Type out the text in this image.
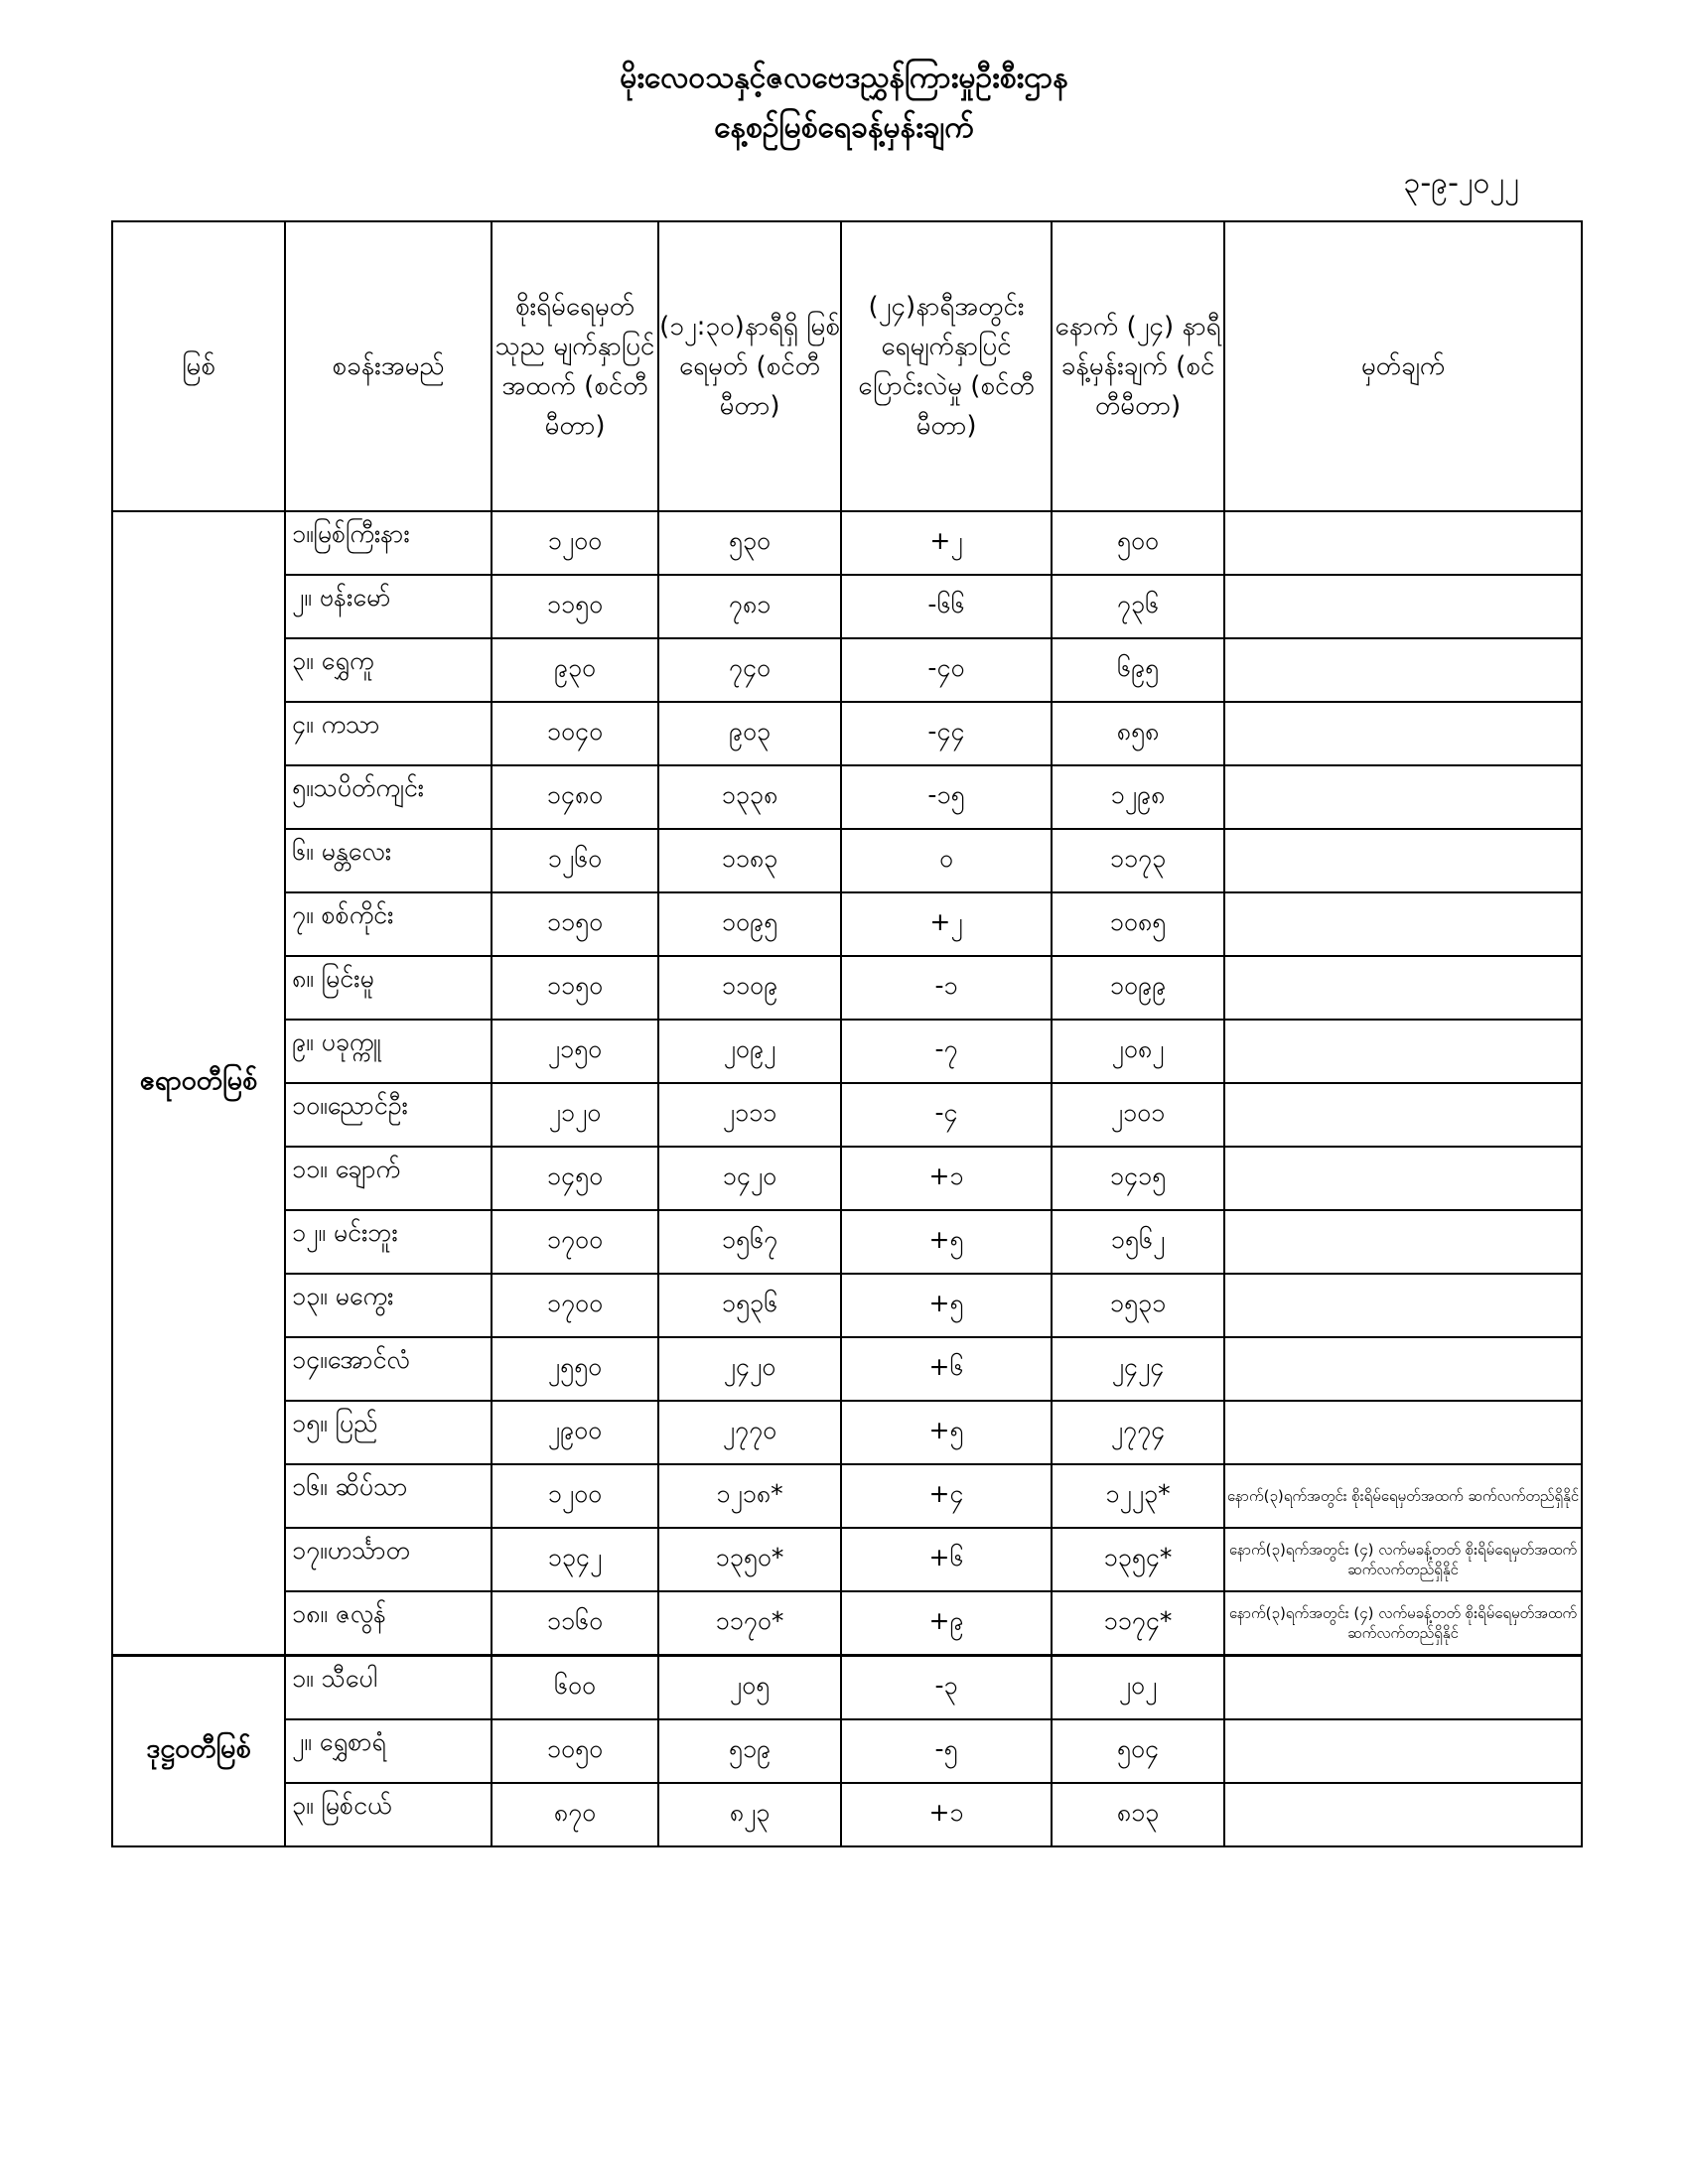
မိုးလေဝသနှင့်ဇလဗေဒညွှန်ကြားမှုဦးစီးဌာန
နေ့စဉ်မြစ်ရေခန့်မှန်းချက်
၃-၉-၂၀၂၂
မြစ်	စခန်းအမည်	စိုးရိမ်ရေမှတ် သုည မျက်နှာပြင် အထက် (စင်တီမီတာ)	(၁၂:၃၀)နာရီရှိ မြစ်ရေမှတ် (စင်တီမီတာ)	(၂၄)နာရီအတွင်း ရေမျက်နှာပြင် ပြောင်းလဲမှု (စင်တီမီတာ)	နောက် (၂၄) နာရီ ခန့်မှန်းချက် (စင်တီမီတာ)	မှတ်ချက်
ဧရာဝတီမြစ်	၁။မြစ်ကြီးနား	၁၂၀၀	၅၃၀	+၂	၅၀၀	
	၂။ ဗန်းမော်	၁၁၅၀	၇၈၁	-၆၆	၇၃၆	
	၃။ ရွှေကူ	၉၃၀	၇၄၀	-၄၀	၆၉၅	
	၄။ ကသာ	၁၀၄၀	၉၀၃	-၄၄	၈၅၈	
	၅။သပိတ်ကျင်း	၁၄၈၀	၁၃၃၈	-၁၅	၁၂၉၈	
	၆။ မန္တလေး	၁၂၆၀	၁၁၈၃	၀	၁၁၇၃	
	၇။ စစ်ကိုင်း	၁၁၅၀	၁၀၉၅	+၂	၁၀၈၅	
	၈။ မြင်းမူ	၁၁၅၀	၁၁၀၉	-၁	၁၀၉၉	
	၉။ ပခုက္ကူ	၂၁၅၀	၂၀၉၂	-၇	၂၀၈၂	
	၁၀။ညောင်ဦး	၂၁၂၀	၂၁၁၁	-၄	၂၁၀၁	
	၁၁။ ချောက်	၁၄၅၀	၁၄၂၀	+၁	၁၄၁၅	
	၁၂။ မင်းဘူး	၁၇၀၀	၁၅၆၇	+၅	၁၅၆၂	
	၁၃။ မကွေး	၁၇၀၀	၁၅၃၆	+၅	၁၅၃၁	
	၁၄။အောင်လံ	၂၅၅၀	၂၄၂၀	+၆	၂၄၂၄	
	၁၅။ ပြည်	၂၉၀၀	၂၇၇၀	+၅	၂၇၇၄	
	၁၆။ ဆိပ်သာ	၁၂၀၀	၁၂၁၈*	+၄	၁၂၂၃*	နောက်(၃)ရက်အတွင်း စိုးရိမ်ရေမှတ်အထက် ဆက်လက်တည်ရှိနိုင်
	၁၇။ဟင်္သာတ	၁၃၄၂	၁၃၅၀*	+၆	၁၃၅၄*	နောက်(၃)ရက်အတွင်း (၄) လက်မခန့်တတ် စိုးရိမ်ရေမှတ်အထက် ဆက်လက်တည်ရှိနိုင်
	၁၈။ ဇလွန်	၁၁၆၀	၁၁၇၀*	+၉	၁၁၇၄*	နောက်(၃)ရက်အတွင်း (၄) လက်မခန့်တတ် စိုးရိမ်ရေမှတ်အထက် ဆက်လက်တည်ရှိနိုင်
ဒုဋ္ဌဝတီမြစ်	၁။ သီပေါ	၆၀၀	၂၀၅	-၃	၂၀၂	
	၂။ ရွှေစာရံ	၁၀၅၀	၅၁၉	-၅	၅၀၄	
	၃။ မြစ်ငယ်	၈၇၀	၈၂၃	+၁	၈၁၃	
